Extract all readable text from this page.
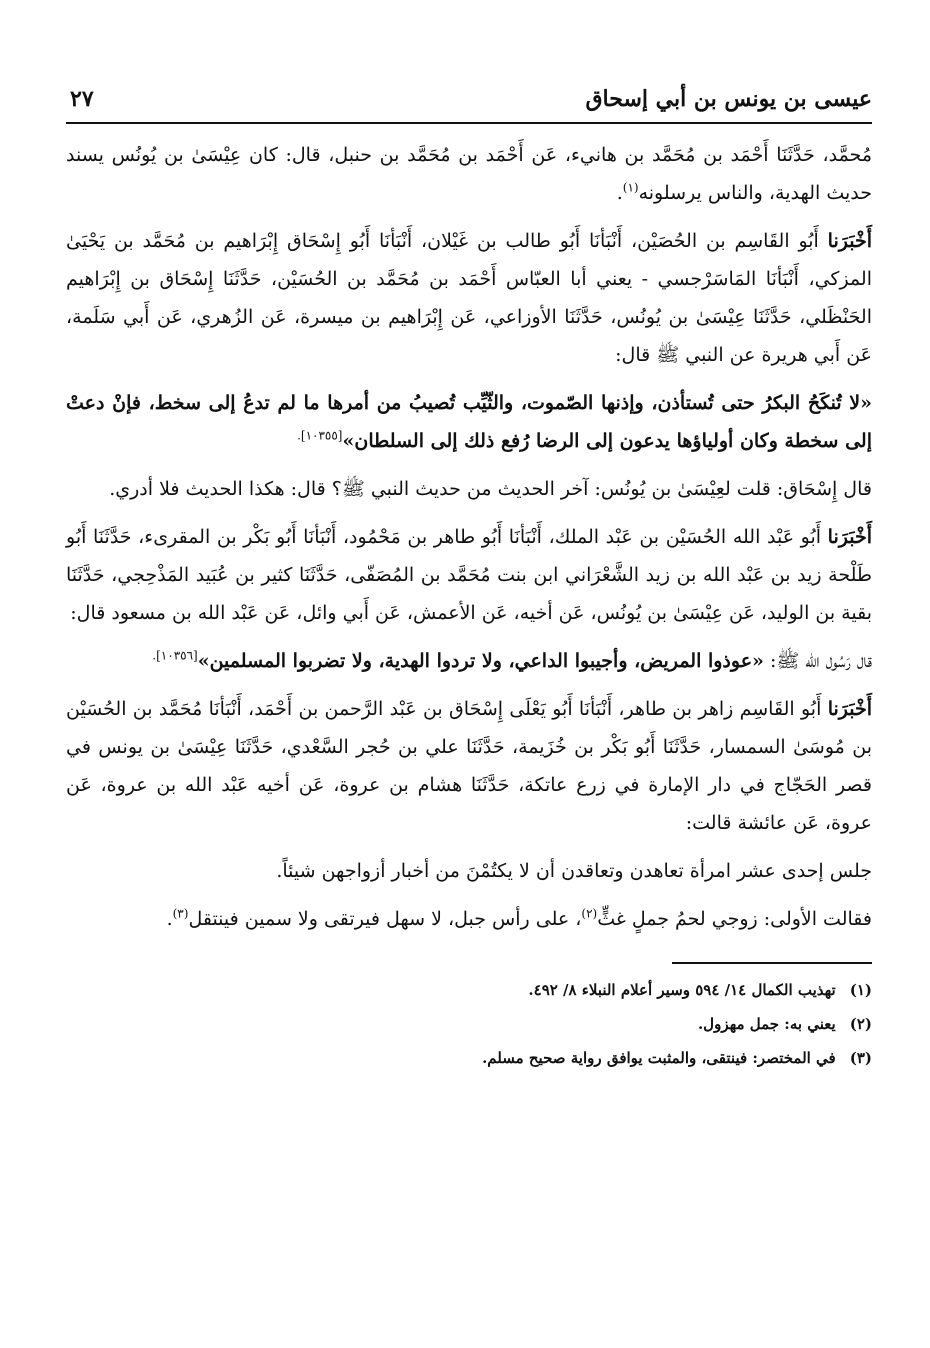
عيسى بن يونس بن أبي إسحاق
٢٧

مُحمَّد، حَدَّثَنَا أَحْمَد بن مُحَمَّد بن هانيء، عَن أَحْمَد بن مُحَمَّد بن حنبل، قال: كان عِيْسَىٰ بن يُونُس يسند حديث الهدية، والناس يرسلونه$^{(١)}$.

أَخْبَرَنا أَبُو القَاسِم بن الحُصَيْن، أَنْبَأنَا أَبُو طالب بن غَيْلان، أَنْبَأنَا أَبُو إِسْحَاق إِبْرَاهيم بن مُحَمَّد بن يَحْيَىٰ المزكي، أَنْبَأنَا المَاسَرْجسي - يعني أبا العبّاس أَحْمَد بن مُحَمَّد بن الحُسَيْن، حَدَّثَنَا إِسْحَاق بن إِبْرَاهيم الحَنْظَلي، حَدَّثَنَا عِيْسَىٰ بن يُونُس، حَدَّثَنَا الأوزاعي، عَن إِبْرَاهيم بن ميسرة، عَن الزُهري، عَن أَبي سَلَمة، عَن أَبي هريرة عن النبي ﷺ قال:

«لا تُنكَحُ البكرُ حتى تُستأذن، وإذنها الصّموت، والثّيِّب تُصيبُ من أمرها ما لم تدعُ إلى سخط، فإنْ دعتْ إلى سخطة وكان أولياؤها يدعون إلى الرضا رُفع ذلك إلى السلطان»$^{[١٠٣٥٥].}$

قال إِسْحَاق: قلت لعِيْسَىٰ بن يُونُس: آخر الحديث من حديث النبي ﷺ؟ قال: هكذا الحديث فلا أدري.

أَخْبَرَنا أَبُو عَبْد الله الحُسَيْن بن عَبْد الملك، أَنْبَأنَا أَبُو طاهر بن مَحْمُود، أَنْبَأنَا أَبُو بَكْر بن المقرىء، حَدَّثَنَا أَبُو طَلْحة زيد بن عَبْد الله بن زيد الشَّعْرَاني ابن بنت مُحَمَّد بن المُصَفّى، حَدَّثَنَا كثير بن عُبَيد المَذْحِجي، حَدَّثَنَا بقية بن الوليد، عَن عِيْسَىٰ بن يُونُس، عَن أخيه، عَن الأعمش، عَن أَبي وائل، عَن عَبْد الله بن مسعود قال:

قال رَسُول الله ﷺ: «عوذوا المريض، وأجيبوا الداعي، ولا تردوا الهدية، ولا تضربوا المسلمين»$^{[١٠٣٥٦].}$

أَخْبَرَنا أَبُو القَاسِم زاهر بن طاهر، أَنْبَأنَا أَبُو يَعْلَى إِسْحَاق بن عَبْد الرَّحمن بن أَحْمَد، أَنْبَأنَا مُحَمَّد بن الحُسَيْن بن مُوسَىٰ السمسار، حَدَّثَنَا أَبُو بَكْر بن خُزَيمة، حَدَّثَنَا علي بن حُجر السَّعْدي، حَدَّثَنَا عِيْسَىٰ بن يونس في قصر الحَجّاج في دار الإمارة في زرع عاتكة، حَدَّثَنَا هشام بن عروة، عَن أخيه عَبْد الله بن عروة، عَن عروة، عَن عائشة قالت:

جلس إحدى عشر امرأة تعاهدن وتعاقدن أن لا يكتُمْنَ من أخبار أزواجهن شيئاً.

فقالت الأولى: زوجي لحمُ جملٍ غثٍّ$^{(٢)}$، على رأس جبل، لا سهل فيرتقى ولا سمين فينتقل$^{(٣)}$.

(١)تهذيب الكمال ١٤/ ٥٩٤ وسير أعلام النبلاء ٨/ ٤٩٢.

(٢)يعني به: جمل مهزول.

(٣)في المختصر: فينتقى، والمثبت يوافق رواية صحيح مسلم.
